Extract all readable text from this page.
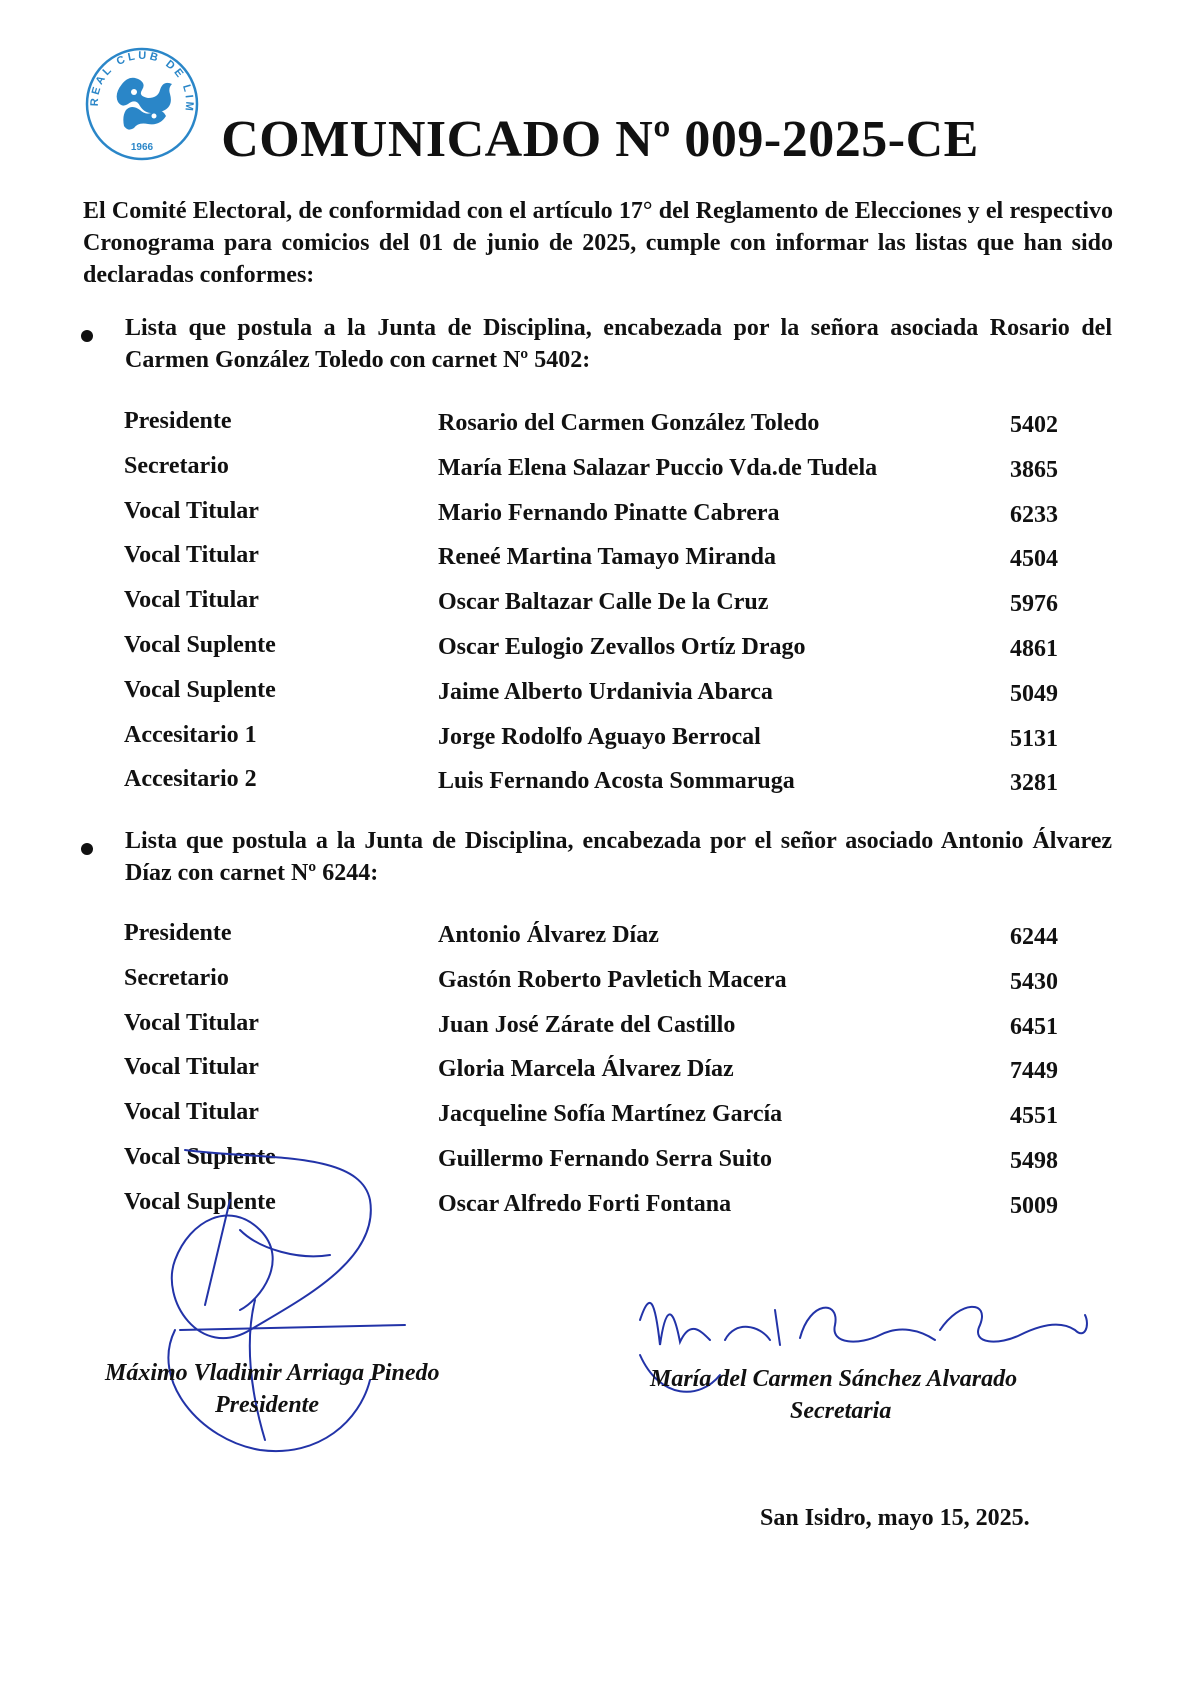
REAL CLUB DE LIM
1966	COMUNICADO Nº 009-2025-CE

El Comité Electoral, de conformidad con el artículo 17° del Reglamento de Elecciones y el respectivo Cronograma para comicios del 01 de junio de 2025, cumple con informar las listas que han sido declaradas conformes:

Lista que postula a la Junta de Disciplina, encabezada por la señora asociada Rosario del Carmen González Toledo con carnet Nº 5402:

Presidente	Rosario del Carmen González Toledo	5402
Secretario	María Elena Salazar Puccio Vda.de Tudela	3865
Vocal Titular	Mario Fernando Pinatte Cabrera	6233
Vocal Titular	Reneé Martina Tamayo Miranda	4504
Vocal Titular	Oscar Baltazar Calle De la Cruz	5976
Vocal Suplente	Oscar Eulogio Zevallos Ortíz Drago	4861
Vocal Suplente	Jaime Alberto Urdanivia Abarca	5049
Accesitario 1	Jorge Rodolfo Aguayo Berrocal	5131
Accesitario 2	Luis Fernando Acosta Sommaruga	3281

Lista que postula a la Junta de Disciplina, encabezada por el señor asociado Antonio Álvarez Díaz con carnet Nº 6244:

Presidente	Antonio Álvarez Díaz	6244
Secretario	Gastón Roberto Pavletich Macera	5430
Vocal Titular	Juan José Zárate del Castillo	6451
Vocal Titular	Gloria Marcela Álvarez Díaz	7449
Vocal Titular	Jacqueline Sofía Martínez García	4551
Vocal Suplente	Guillermo Fernando Serra Suito	5498
Vocal Suplente	Oscar Alfredo Forti Fontana	5009

Máximo Vladimir Arriaga Pinedo

Presidente

María del Carmen Sánchez Alvarado

Secretaria

San Isidro, mayo 15, 2025.
